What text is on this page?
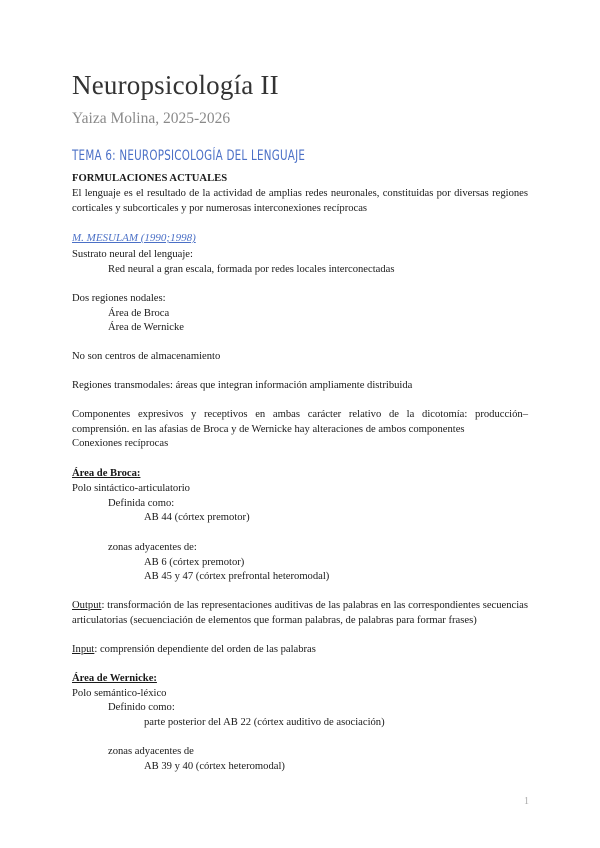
Neuropsicología II
Yaiza Molina, 2025-2026
TEMA 6: NEUROPSICOLOGÍA DEL LENGUAJE
FORMULACIONES ACTUALES
El lenguaje es el resultado de la actividad de amplias redes neuronales, constituidas por diversas regiones corticales y subcorticales y por numerosas interconexiones recíprocas
M. MESULAM (1990;1998)
Sustrato neural del lenguaje:
Red neural a gran escala, formada por redes locales interconectadas
Dos regiones nodales:
Área de Broca
Área de Wernicke
No son centros de almacenamiento
Regiones transmodales: áreas que integran información ampliamente distribuida
Componentes expresivos y receptivos en ambas carácter relativo de la dicotomía: producción–comprensión. en las afasias de Broca y de Wernicke hay alteraciones de ambos componentes
Conexiones recíprocas
Área de Broca:
Polo sintáctico-articulatorio
Definida como:
AB 44 (córtex premotor)
zonas adyacentes de:
AB 6 (córtex premotor)
AB 45 y 47 (córtex prefrontal heteromodal)
Output: transformación de las representaciones auditivas de las palabras en las correspondientes secuencias articulatorias (secuenciación de elementos que forman palabras, de palabras para formar frases)
Input: comprensión dependiente del orden de las palabras
Área de Wernicke:
Polo semántico-léxico
Definido como:
parte posterior del AB 22 (córtex auditivo de asociación)
zonas adyacentes de
AB 39 y 40 (córtex heteromodal)
1
